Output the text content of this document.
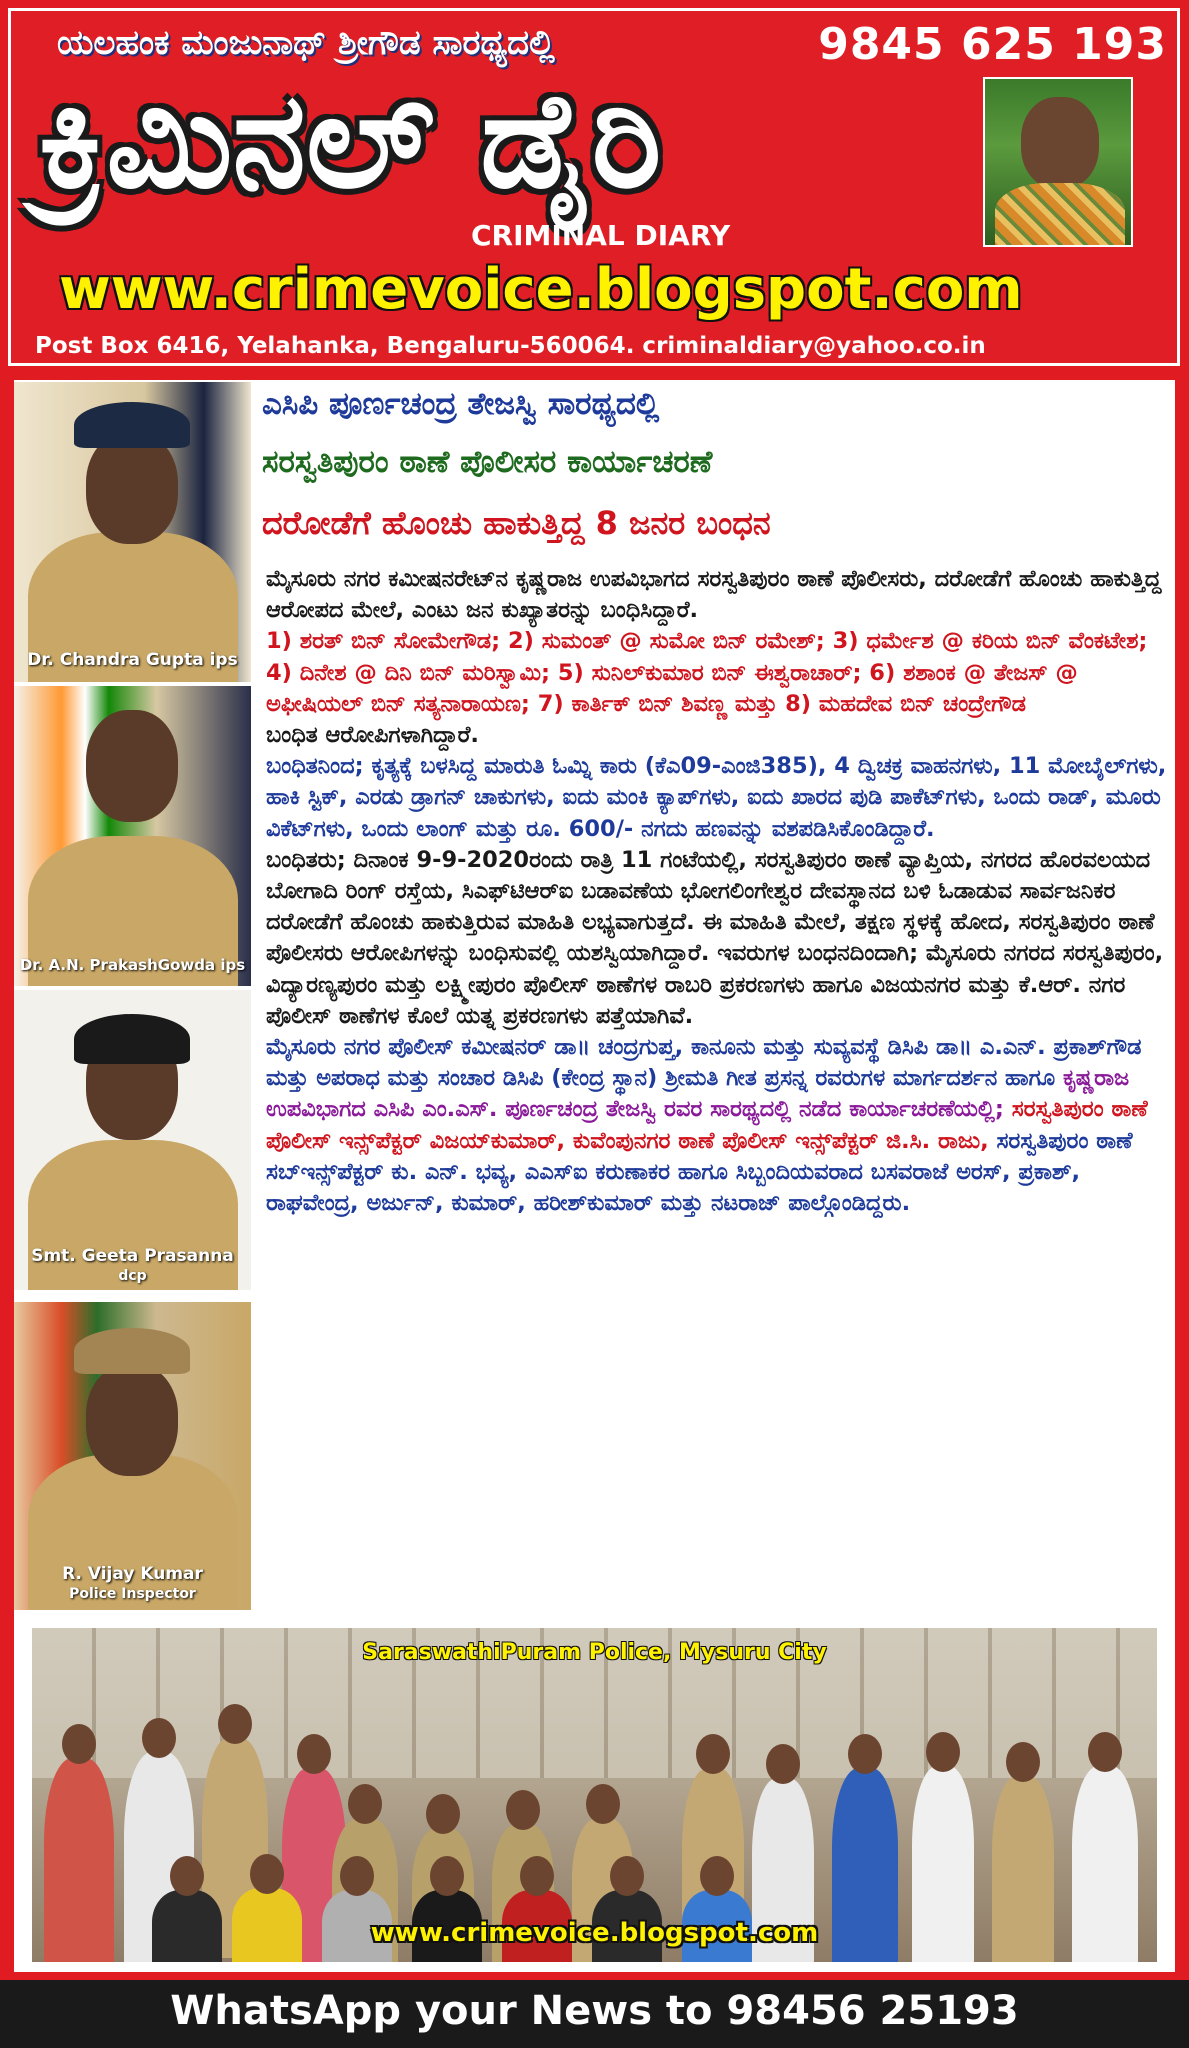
ಯಲಹಂಕ ಮಂಜುನಾಥ್ ಶ್ರೀಗೌಡ ಸಾರಥ್ಯದಲ್ಲಿ	9845 625 193
ಕ್ರಿಮಿನಲ್ ಡೈರಿ
CRIMINAL DIARY
www.crimevoice.blogspot.com
Post Box 6416, Yelahanka, Bengaluru-560064. criminaldiary@yahoo.co.in
Dr. Chandra Gupta ips
Dr. A.N. PrakashGowda ips
Smt. Geeta Prasanna
dcp
R. Vijay Kumar
Police Inspector
ಎಸಿಪಿ ಪೂರ್ಣಚಂದ್ರ ತೇಜಸ್ವಿ ಸಾರಥ್ಯದಲ್ಲಿ
ಸರಸ್ವತಿಪುರಂ ಠಾಣೆ ಪೊಲೀಸರ ಕಾರ್ಯಾಚರಣೆ
ದರೋಡೆಗೆ ಹೊಂಚು ಹಾಕುತ್ತಿದ್ದ 8 ಜನರ ಬಂಧನ

ಮೈಸೂರು ನಗರ ಕಮೀಷನರೇಟ್‌ನ ಕೃಷ್ಣರಾಜ ಉಪವಿಭಾಗದ ಸರಸ್ವತಿಪುರಂ ಠಾಣೆ ಪೊಲೀಸರು, ದರೋಡೆಗೆ ಹೊಂಚು ಹಾಕುತ್ತಿದ್ದ ಆರೋಪದ ಮೇಲೆ, ಎಂಟು ಜನ ಕುಖ್ಯಾತರನ್ನು ಬಂಧಿಸಿದ್ದಾರೆ.

1) ಶರತ್ ಬಿನ್ ಸೋಮೇಗೌಡ; 2) ಸುಮಂತ್ @ ಸುಮೋ ಬಿನ್ ರಮೇಶ್; 3) ಧರ್ಮೇಶ @ ಕರಿಯ ಬಿನ್ ವೆಂಕಟೇಶ; 4) ದಿನೇಶ @ ದಿನಿ ಬಿನ್ ಮರಿಸ್ವಾಮಿ; 5) ಸುನಿಲ್‌ಕುಮಾರ ಬಿನ್ ಈಶ್ವರಾಚಾರ್; 6) ಶಶಾಂಕ @ ತೇಜಸ್ @ ಅಫೀಷಿಯಲ್ ಬಿನ್ ಸತ್ಯನಾರಾಯಣ; 7) ಕಾರ್ತಿಕ್ ಬಿನ್ ಶಿವಣ್ಣ ಮತ್ತು 8) ಮಹದೇವ ಬಿನ್ ಚಂದ್ರೇಗೌಡ

ಬಂಧಿತ ಆರೋಪಿಗಳಾಗಿದ್ದಾರೆ.

ಬಂಧಿತನಿಂದ; ಕೃತ್ಯಕ್ಕೆ ಬಳಸಿದ್ದ ಮಾರುತಿ ಓಮ್ನಿ ಕಾರು (ಕೆಎ09-ಎಂಜಿ385), 4 ದ್ವಿಚಕ್ರ ವಾಹನಗಳು, 11 ಮೋಬೈಲ್‌ಗಳು, ಹಾಕಿ ಸ್ಟಿಕ್, ಎರಡು ಡ್ರಾಗನ್ ಚಾಕುಗಳು, ಐದು ಮಂಕಿ ಕ್ಯಾಪ್‌ಗಳು, ಐದು ಖಾರದ ಪುಡಿ ಪಾಕೆಟ್‌ಗಳು, ಒಂದು ರಾಡ್, ಮೂರು ವಿಕೆಟ್‌ಗಳು, ಒಂದು ಲಾಂಗ್ ಮತ್ತು ರೂ. 600/- ನಗದು ಹಣವನ್ನು ವಶಪಡಿಸಿಕೊಂಡಿದ್ದಾರೆ.

ಬಂಧಿತರು; ದಿನಾಂಕ 9-9-2020ರಂದು ರಾತ್ರಿ 11 ಗಂಟೆಯಲ್ಲಿ, ಸರಸ್ವತಿಪುರಂ ಠಾಣೆ ವ್ಯಾಪ್ತಿಯ, ನಗರದ ಹೊರವಲಯದ ಬೋಗಾದಿ ರಿಂಗ್ ರಸ್ತೆಯ, ಸಿಎಫ್‌ಟಿಆರ್‌ಐ ಬಡಾವಣೆಯ ಭೋಗಲಿಂಗೇಶ್ವರ ದೇವಸ್ಥಾನದ ಬಳಿ ಓಡಾಡುವ ಸಾರ್ವಜನಿಕರ ದರೋಡೆಗೆ ಹೊಂಚು ಹಾಕುತ್ತಿರುವ ಮಾಹಿತಿ ಲಭ್ಯವಾಗುತ್ತದೆ. ಈ ಮಾಹಿತಿ ಮೇಲೆ, ತಕ್ಷಣ ಸ್ಥಳಕ್ಕೆ ಹೋದ, ಸರಸ್ವತಿಪುರಂ ಠಾಣೆ ಪೊಲೀಸರು ಆರೋಪಿಗಳನ್ನು ಬಂಧಿಸುವಲ್ಲಿ ಯಶಸ್ವಿಯಾಗಿದ್ದಾರೆ. ಇವರುಗಳ ಬಂಧನದಿಂದಾಗಿ; ಮೈಸೂರು ನಗರದ ಸರಸ್ವತಿಪುರಂ, ವಿದ್ಯಾರಣ್ಯಪುರಂ ಮತ್ತು ಲಕ್ಷ್ಮೀಪುರಂ ಪೊಲೀಸ್ ಠಾಣೆಗಳ ರಾಬರಿ ಪ್ರಕರಣಗಳು ಹಾಗೂ ವಿಜಯನಗರ ಮತ್ತು ಕೆ.ಆರ್. ನಗರ ಪೊಲೀಸ್ ಠಾಣೆಗಳ ಕೊಲೆ ಯತ್ನ ಪ್ರಕರಣಗಳು ಪತ್ತೆಯಾಗಿವೆ.

ಮೈಸೂರು ನಗರ ಪೊಲೀಸ್ ಕಮೀಷನರ್ ಡಾ॥ ಚಂದ್ರಗುಪ್ತ, ಕಾನೂನು ಮತ್ತು ಸುವ್ಯವಸ್ಥೆ ಡಿಸಿಪಿ ಡಾ॥ ಎ.ಎನ್. ಪ್ರಕಾಶ್‌ಗೌಡ ಮತ್ತು ಅಪರಾಧ ಮತ್ತು ಸಂಚಾರ ಡಿಸಿಪಿ (ಕೇಂದ್ರ ಸ್ಥಾನ) ಶ್ರೀಮತಿ ಗೀತ ಪ್ರಸನ್ನ ರವರುಗಳ ಮಾರ್ಗದರ್ಶನ ಹಾಗೂ ಕೃಷ್ಣರಾಜ ಉಪವಿಭಾಗದ ಎಸಿಪಿ ಎಂ.ಎಸ್. ಪೂರ್ಣಚಂದ್ರ ತೇಜಸ್ವಿ ರವರ ಸಾರಥ್ಯದಲ್ಲಿ ನಡೆದ ಕಾರ್ಯಾಚರಣೆಯಲ್ಲಿ; ಸರಸ್ವತಿಪುರಂ ಠಾಣೆ ಪೊಲೀಸ್ ಇನ್ಸ್‌ಪೆಕ್ಟರ್ ವಿಜಯ್‌ಕುಮಾರ್, ಕುವೆಂಪುನಗರ ಠಾಣೆ ಪೊಲೀಸ್ ಇನ್ಸ್‌ಪೆಕ್ಟರ್ ಜಿ.ಸಿ. ರಾಜು, ಸರಸ್ವತಿಪುರಂ ಠಾಣೆ ಸಬ್‌ಇನ್ಸ್‌ಪೆಕ್ಟರ್ ಕು. ಎನ್. ಭವ್ಯ, ಎಎಸ್‌ಐ ಕರುಣಾಕರ ಹಾಗೂ ಸಿಬ್ಬಂದಿಯವರಾದ ಬಸವರಾಜೆ ಅರಸ್, ಪ್ರಕಾಶ್, ರಾಘವೇಂದ್ರ, ಅರ್ಜುನ್, ಕುಮಾರ್, ಹರೀಶ್‌ಕುಮಾರ್ ಮತ್ತು ನಟರಾಜ್ ಪಾಲ್ಗೊಂಡಿದ್ದರು.

SaraswathiPuram Police, Mysuru City
www.crimevoice.blogspot.com
WhatsApp your News to 98456 25193
